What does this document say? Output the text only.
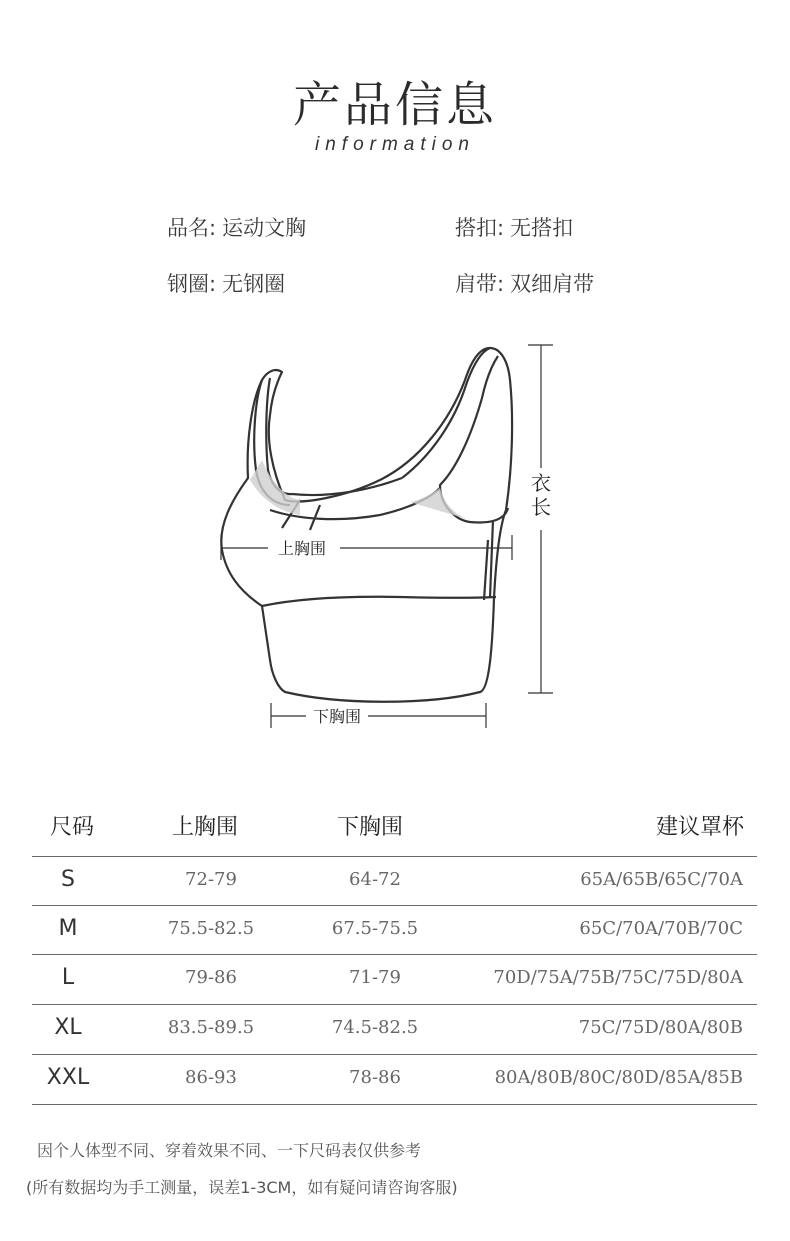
产品信息
information
品名: 运动文胸	搭扣: 无搭扣
钢圈: 无钢圈	肩带: 双细肩带
衣
长
上胸围
下胸围
尺码	上胸围	下胸围	建议罩杯
S	72-79	64-72	65A/65B/65C/70A
M	75.5-82.5	67.5-75.5	65C/70A/70B/70C
L	79-86	71-79	70D/75A/75B/75C/75D/80A
XL	83.5-89.5	74.5-82.5	75C/75D/80A/80B
XXL	86-93	78-86	80A/80B/80C/80D/85A/85B
因个人体型不同、穿着效果不同、一下尺码表仅供参考
(所有数据均为手工测量，误差1-3CM，如有疑问请咨询客服)
